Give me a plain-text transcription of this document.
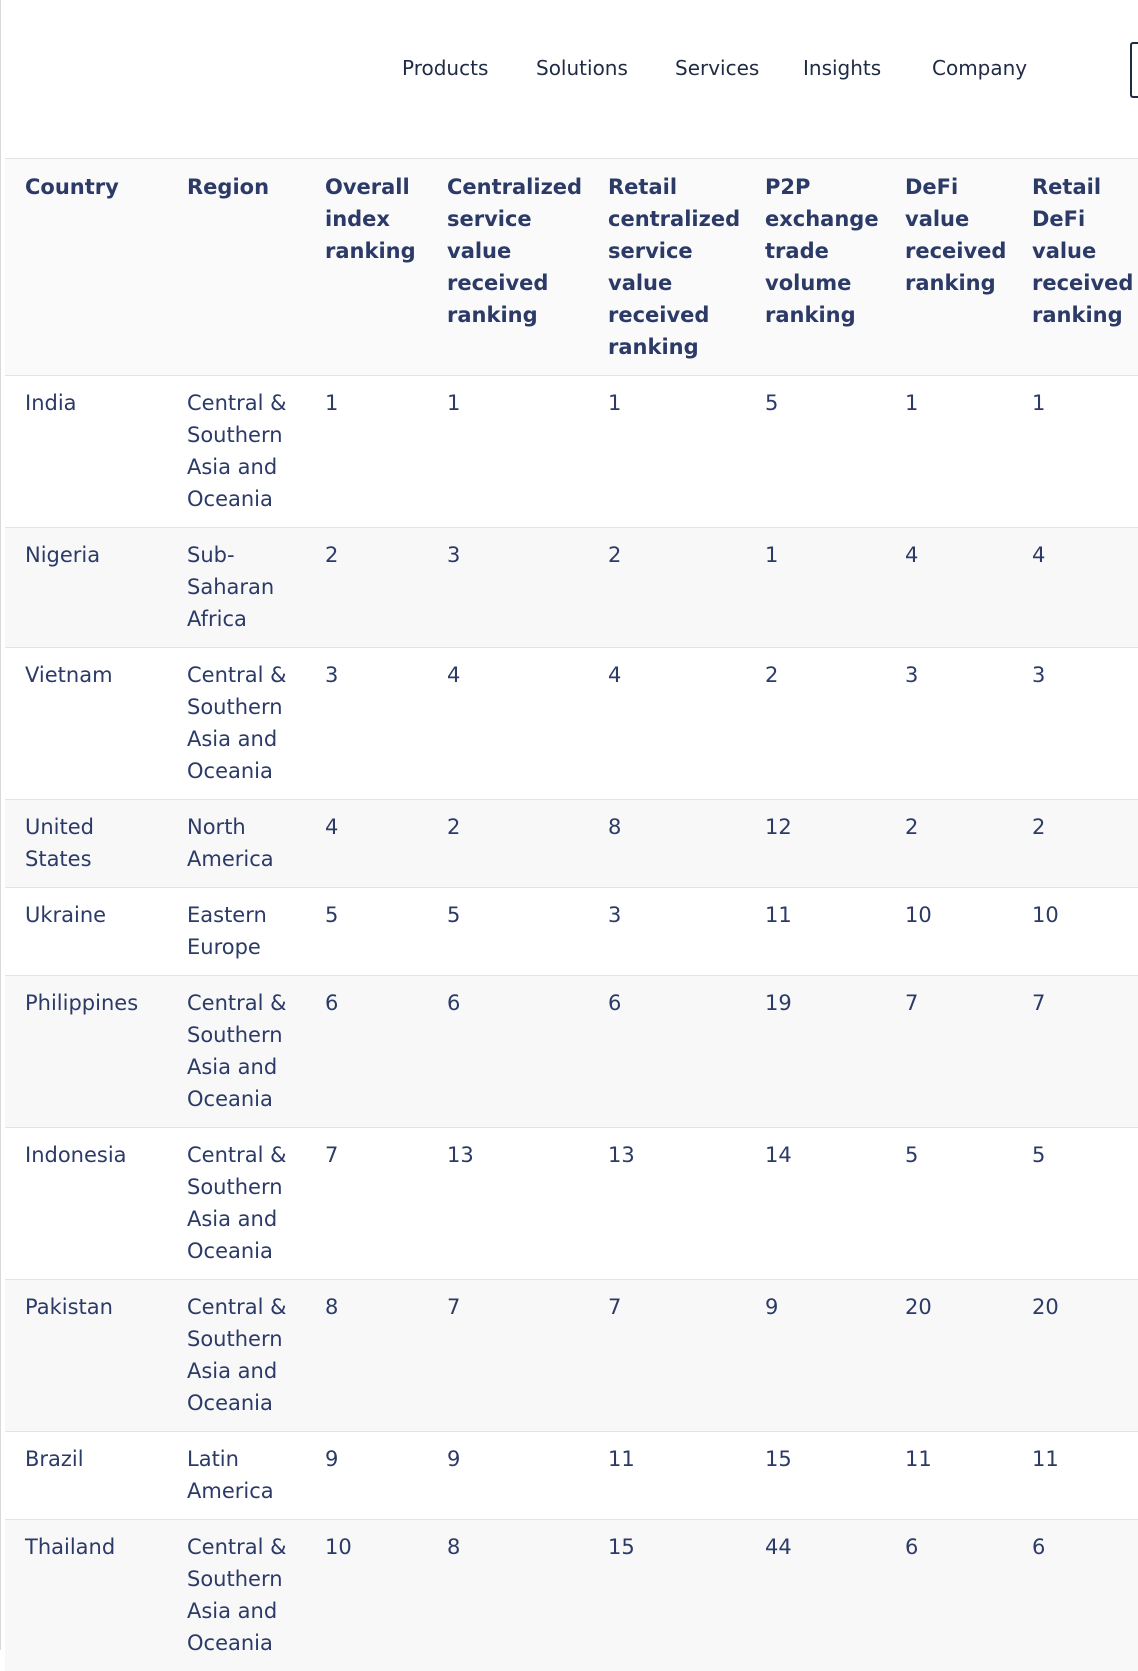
Products Solutions Services Insights	Company
Country	Region	Overall index ranking	Centralized service value received ranking	Retail centralized service value received ranking	P2P exchange trade volume ranking	DeFi value received ranking	Retail DeFi value received ranking
India	Central & Southern Asia and Oceania	1	1	1	5	1	1
Nigeria	Sub-Saharan Africa	2	3	2	1	4	4
Vietnam	Central & Southern Asia and Oceania	3	4	4	2	3	3
United States	North America	4	2	8	12	2	2
Ukraine	Eastern Europe	5	5	3	11	10	10
Philippines	Central & Southern Asia and Oceania	6	6	6	19	7	7
Indonesia	Central & Southern Asia and Oceania	7	13	13	14	5	5
Pakistan	Central & Southern Asia and Oceania	8	7	7	9	20	20
Brazil	Latin America	9	9	11	15	11	11
Thailand	Central & Southern Asia and Oceania	10	8	15	44	6	6
